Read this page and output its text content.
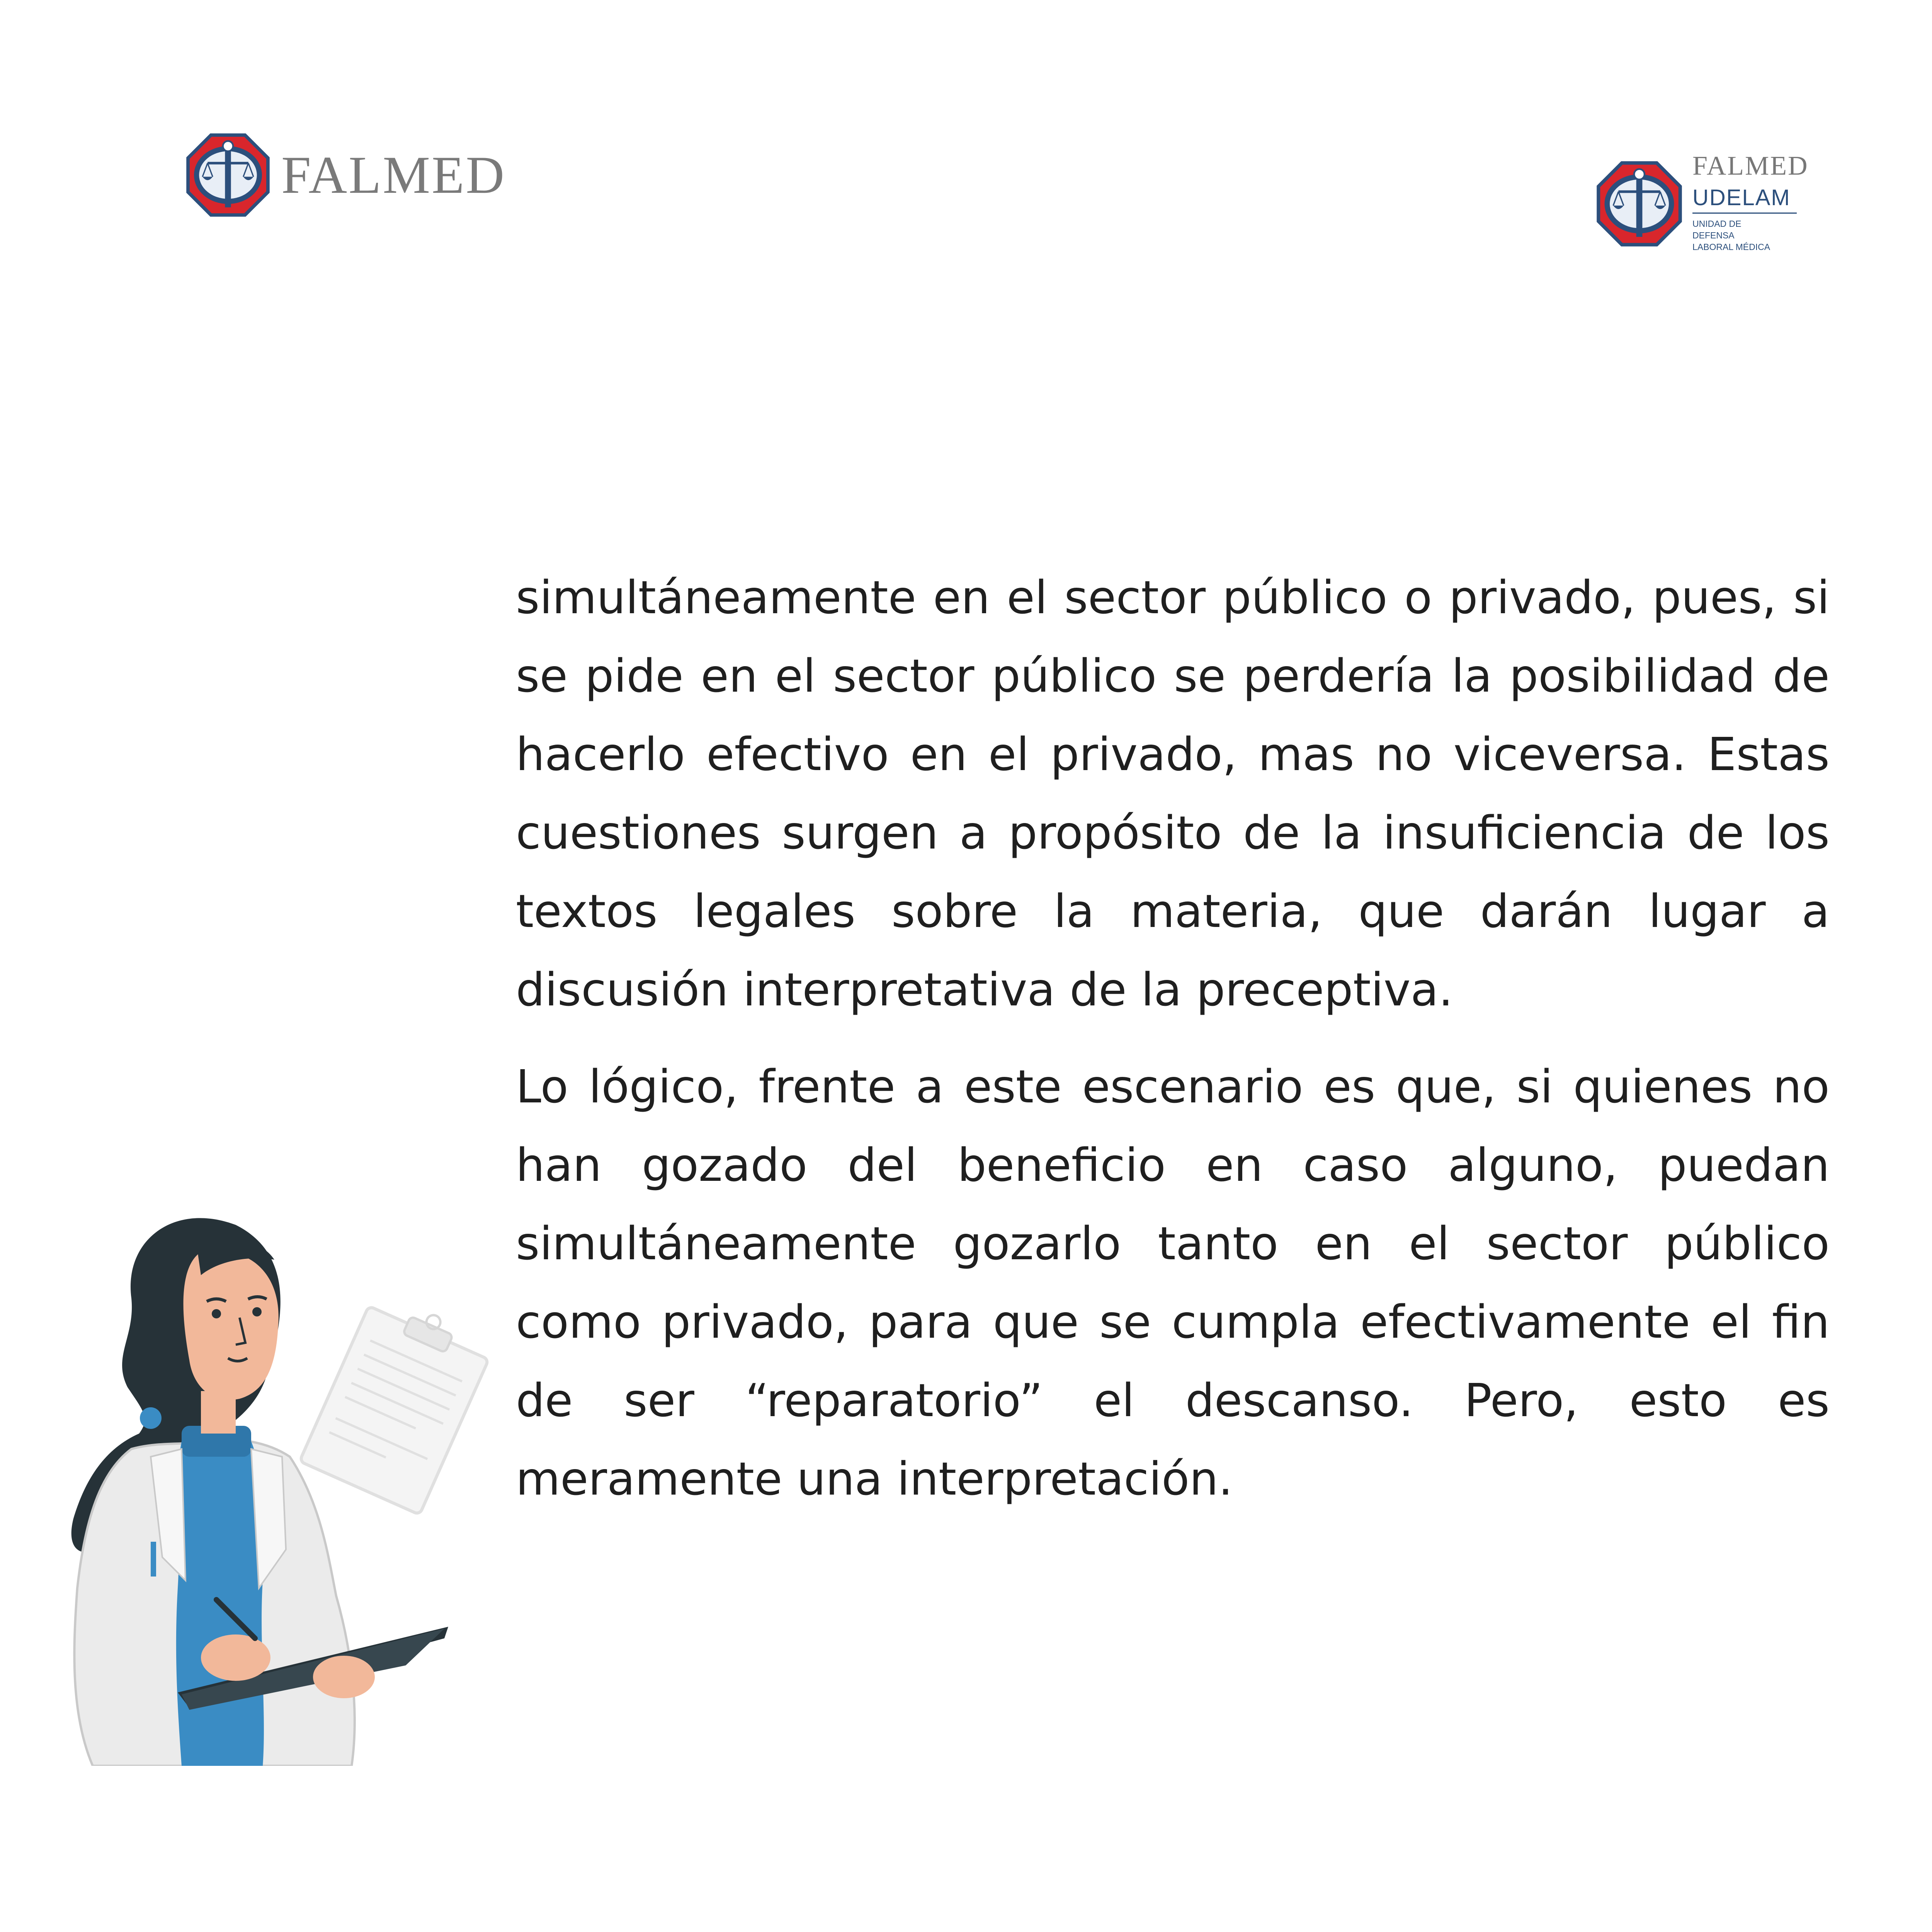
FALMED	FALMED
UDELAM
UNIDAD DE
DEFENSA
LABORAL MÉDICA

simultáneamente en el sector público o privado, pues, si se pide en el sector público se perdería la posibilidad de hacerlo efectivo en el privado, mas no viceversa. Estas cuestiones surgen a propósito de la insuficiencia de los textos legales sobre la materia, que darán lugar a discusión interpretativa de la preceptiva.

Lo lógico, frente a este escenario es que, si quienes no han gozado del beneficio en caso alguno, puedan simultáneamente gozarlo tanto en el sector público como privado, para que se cumpla efectivamente el fin de ser “reparatorio” el descanso. Pero, esto es meramente una interpretación.
